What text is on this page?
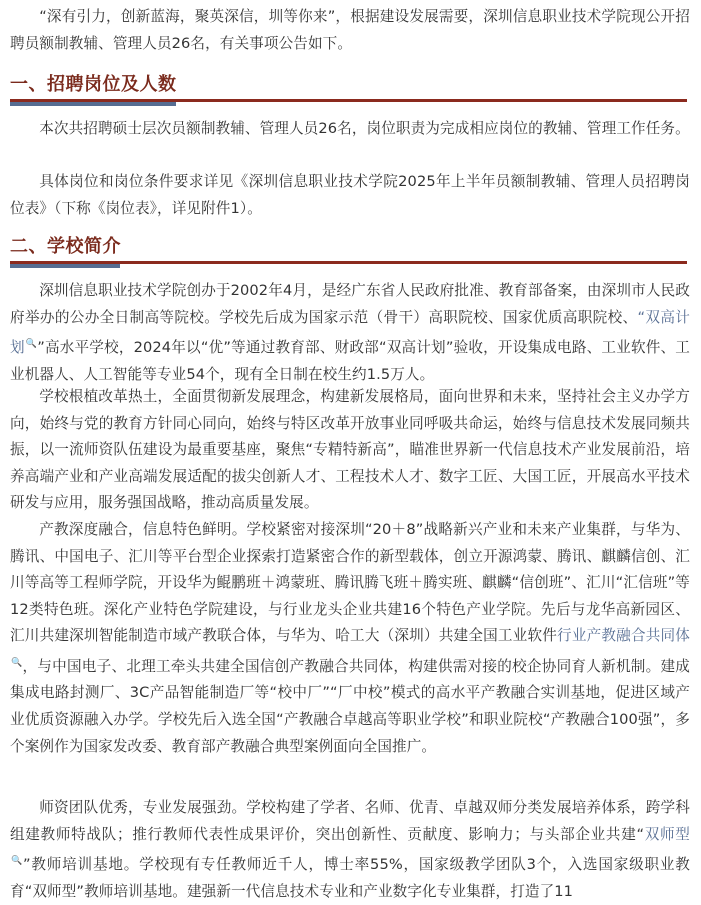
“深有引力，创新蓝海，聚英深信，圳等你来”，根据建设发展需要，深圳信息职业技术学院现公开招聘员额制教辅、管理人员26名，有关事项公告如下。

一、招聘岗位及人数

本次共招聘硕士层次员额制教辅、管理人员26名，岗位职责为完成相应岗位的教辅、管理工作任务。

具体岗位和岗位条件要求详见《深圳信息职业技术学院2025年上半年员额制教辅、管理人员招聘岗位表》（下称《岗位表》，详见附件1）。

二、学校简介

深圳信息职业技术学院创办于2002年4月，是经广东省人民政府批准、教育部备案，由深圳市人民政府举办的公办全日制高等院校。学校先后成为国家示范（骨干）高职院校、国家优质高职院校、“双高计划🔍”高水平学校，2024年以“优”等通过教育部、财政部“双高计划”验收，开设集成电路、工业软件、工业机器人、人工智能等专业54个，现有全日制在校生约1.5万人。

学校根植改革热土，全面贯彻新发展理念，构建新发展格局，面向世界和未来，坚持社会主义办学方向，始终与党的教育方针同心同向，始终与特区改革开放事业同呼吸共命运，始终与信息技术发展同频共振，以一流师资队伍建设为最重要基座，聚焦“专精特新高”，瞄准世界新一代信息技术产业发展前沿，培养高端产业和产业高端发展适配的拔尖创新人才、工程技术人才、数字工匠、大国工匠，开展高水平技术研发与应用，服务强国战略，推动高质量发展。

产教深度融合，信息特色鲜明。学校紧密对接深圳“20＋8”战略新兴产业和未来产业集群，与华为、腾讯、中国电子、汇川等平台型企业探索打造紧密合作的新型载体，创立开源鸿蒙、腾讯、麒麟信创、汇川等高等工程师学院，开设华为鲲鹏班＋鸿蒙班、腾讯腾飞班＋腾实班、麒麟“信创班”、汇川“汇信班”等12类特色班。深化产业特色学院建设，与行业龙头企业共建16个特色产业学院。先后与龙华高新园区、汇川共建深圳智能制造市域产教联合体，与华为、哈工大（深圳）共建全国工业软件行业产教融合共同体🔍，与中国电子、北理工牵头共建全国信创产教融合共同体，构建供需对接的校企协同育人新机制。建成集成电路封测厂、3C产品智能制造厂等“校中厂”“厂中校”模式的高水平产教融合实训基地，促进区域产业优质资源融入办学。学校先后入选全国“产教融合卓越高等职业学校”和职业院校“产教融合100强”，多个案例作为国家发改委、教育部产教融合典型案例面向全国推广。

师资团队优秀，专业发展强劲。学校构建了学者、名师、优青、卓越双师分类发展培养体系，跨学科组建教师特战队；推行教师代表性成果评价，突出创新性、贡献度、影响力；与头部企业共建“双师型🔍”教师培训基地。学校现有专任教师近千人，博士率55%，国家级教学团队3个，入选国家级职业教育“双师型”教师培训基地。建强新一代信息技术专业和产业数字化专业集群，打造了11
